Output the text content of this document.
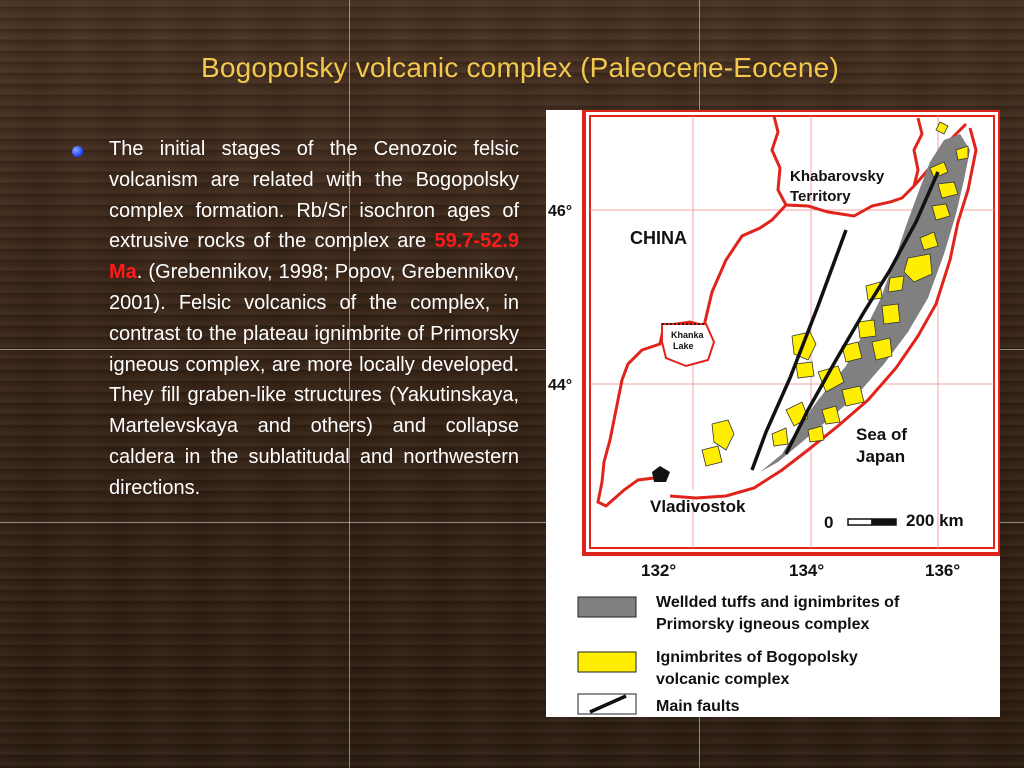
Bogopolsky volcanic complex (Paleocene-Eocene)
The initial stages of the Cenozoic felsic volcanism are related with the Bogopolsky complex formation. Rb/Sr isochron ages of extrusive rocks of the complex are 59.7-52.9 Ma. (Grebennikov, 1998; Popov, Grebennikov, 2001). Felsic volcanics of the complex, in contrast to the plateau ignimbrite of Primorsky igneous complex, are more locally developed. They fill graben-like structures (Yakutinskaya, Martelevskaya and others) and collapse caldera in the sublatitudal and northwestern directions.
46°
44°
CHINA
Khabarovsky
Territory
Khanka
Lake
Sea of
Japan
Vladivostok
0	200 km
132°	134°	136°
Wellded tuffs and ignimbrites of
Primorsky igneous complex
Ignimbrites of Bogopolsky
volcanic complex
Main faults
